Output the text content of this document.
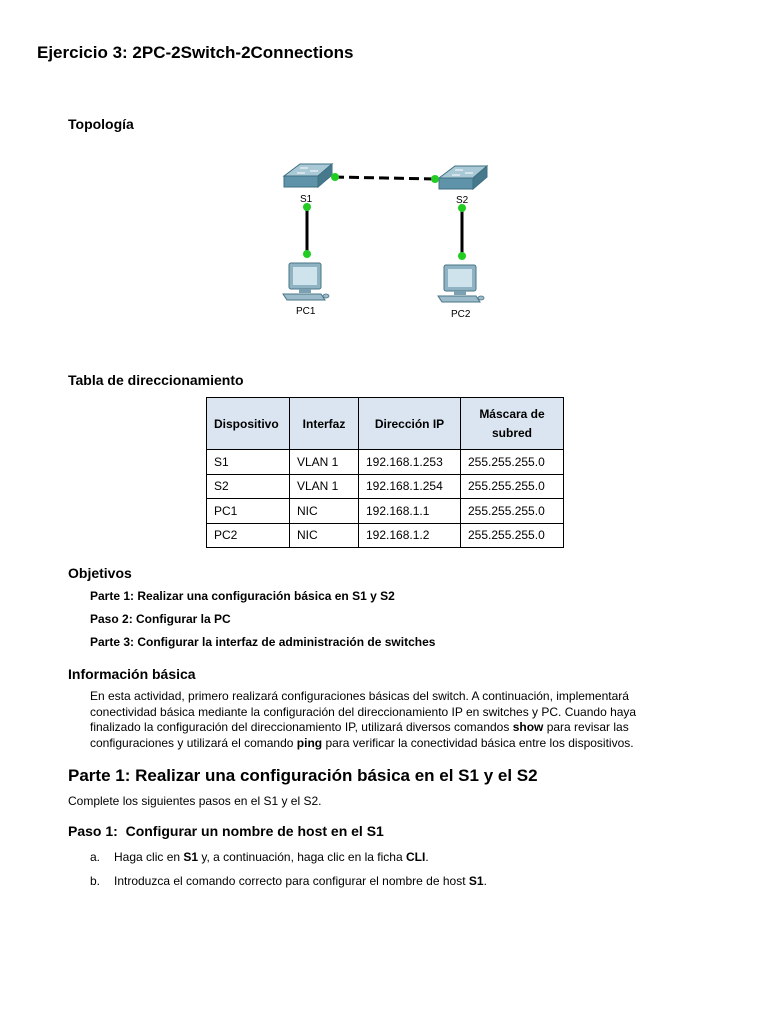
Ejercicio 3: 2PC-2Switch-2Connections
Topología
S1	S2
PC1	PC2
Tabla de direccionamiento
Dispositivo	Interfaz	Dirección IP	Máscara de
subred
S1	VLAN 1	192.168.1.253	255.255.255.0
S2	VLAN 1	192.168.1.254	255.255.255.0
PC1	NIC	192.168.1.1	255.255.255.0
PC2	NIC	192.168.1.2	255.255.255.0
Objetivos
Parte 1: Realizar una configuración básica en S1 y S2
Paso 2: Configurar la PC
Parte 3: Configurar la interfaz de administración de switches
Información básica
En esta actividad, primero realizará configuraciones básicas del switch. A continuación, implementará conectividad básica mediante la configuración del direccionamiento IP en switches y PC. Cuando haya finalizado la configuración del direccionamiento IP, utilizará diversos comandos show para revisar las configuraciones y utilizará el comando ping para verificar la conectividad básica entre los dispositivos.
Parte 1: Realizar una configuración básica en el S1 y el S2
Complete los siguientes pasos en el S1 y el S2.
Paso 1:  Configurar un nombre de host en el S1
a. Haga clic en S1 y, a continuación, haga clic en la ficha CLI.
b. Introduzca el comando correcto para configurar el nombre de host S1.
